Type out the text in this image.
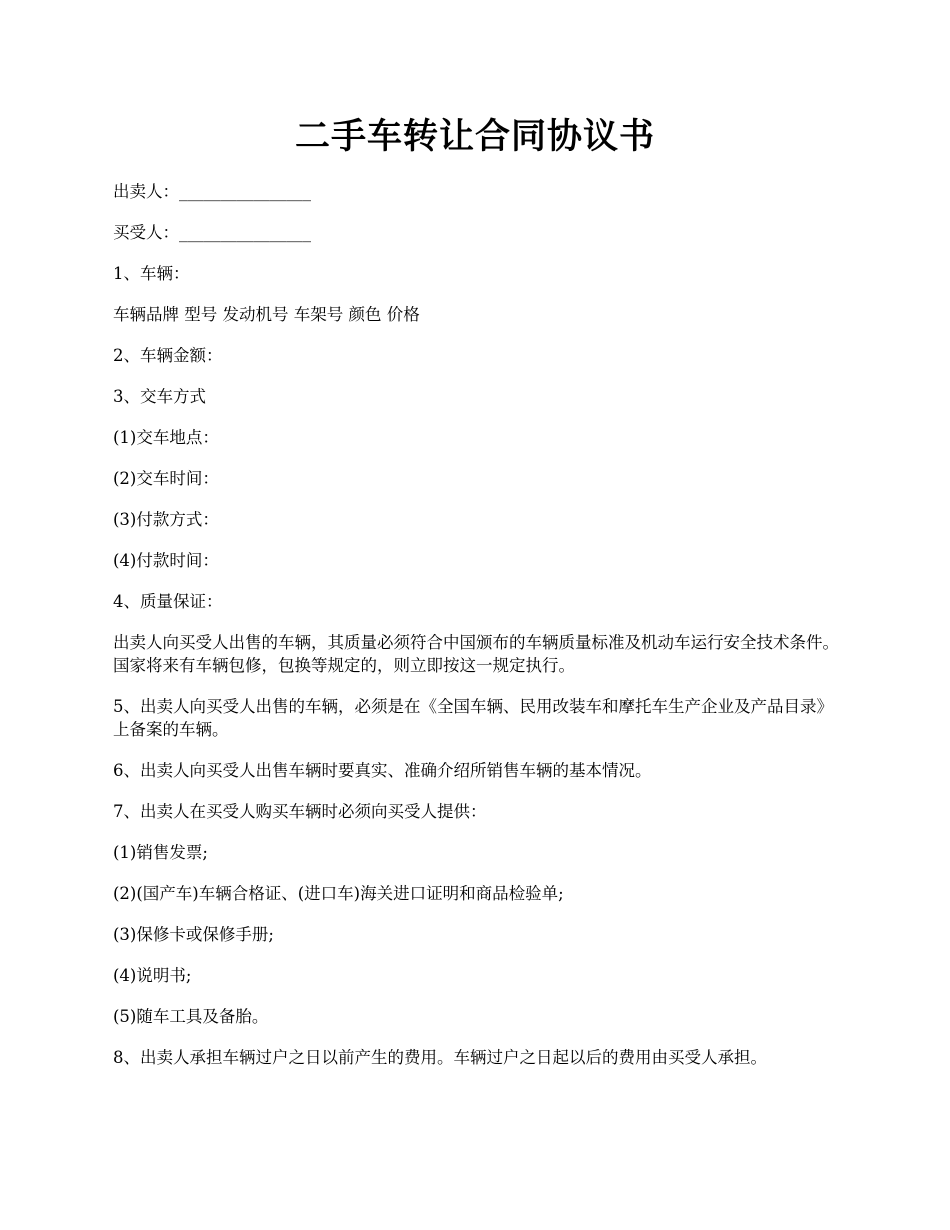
二手车转让合同协议书

出卖人：________________

买受人：________________

1、车辆：

车辆品牌 型号 发动机号 车架号 颜色 价格

2、车辆金额：

3、交车方式

(1)交车地点：

(2)交车时间：

(3)付款方式：

(4)付款时间：

4、质量保证：

出卖人向买受人出售的车辆，其质量必须符合中国颁布的车辆质量标准及机动车运行安全技术条件。 国家将来有车辆包修，包换等规定的，则立即按这一规定执行。

5、出卖人向买受人出售的车辆，必须是在《全国车辆、民用改装车和摩托车生产企业及产品目录》上备案的车辆。

6、出卖人向买受人出售车辆时要真实、准确介绍所销售车辆的基本情况。

7、出卖人在买受人购买车辆时必须向买受人提供：

(1)销售发票;

(2)(国产车)车辆合格证、(进口车)海关进口证明和商品检验单;

(3)保修卡或保修手册;

(4)说明书;

(5)随车工具及备胎。

8、出卖人承担车辆过户之日以前产生的费用。车辆过户之日起以后的费用由买受人承担。
